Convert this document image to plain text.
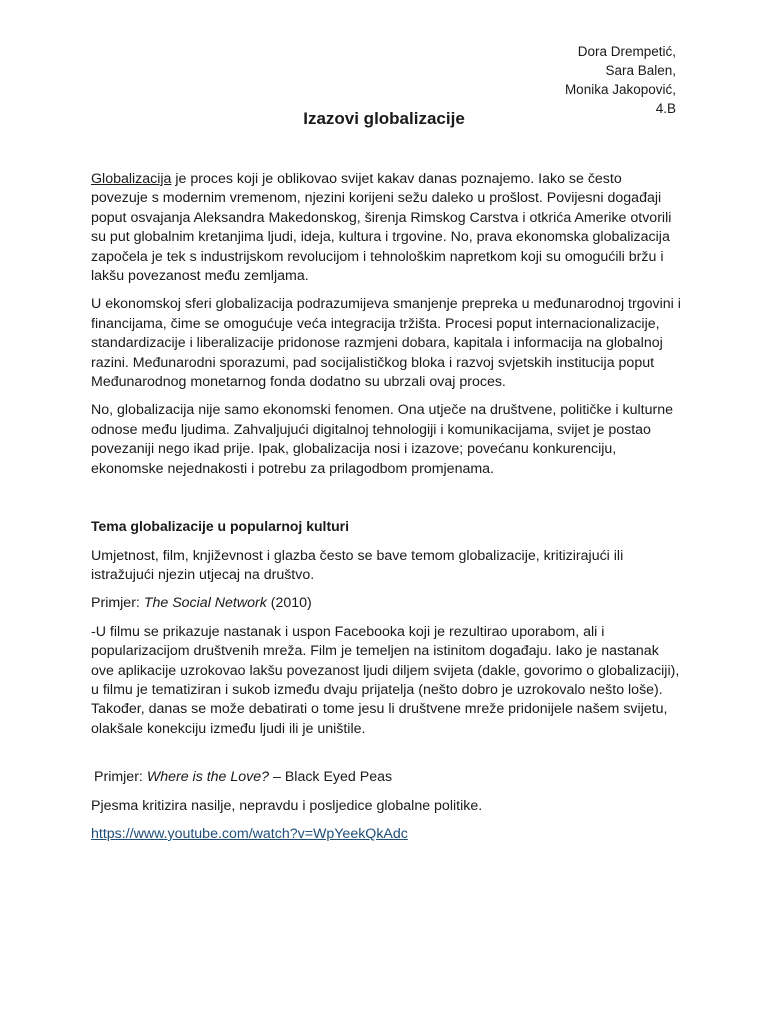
Dora Drempetić,
Sara Balen,
Monika Jakopović,
4.B
Izazovi globalizacije

Globalizacija je proces koji je oblikovao svijet kakav danas poznajemo. Iako se često povezuje s modernim vremenom, njezini korijeni sežu daleko u prošlost. Povijesni događaji poput osvajanja Aleksandra Makedonskog, širenja Rimskog Carstva i otkrića Amerike otvorili su put globalnim kretanjima ljudi, ideja, kultura i trgovine. No, prava ekonomska globalizacija započela je tek s industrijskom revolucijom i tehnološkim napretkom koji su omogućili bržu i lakšu povezanost među zemljama.

U ekonomskoj sferi globalizacija podrazumijeva smanjenje prepreka u međunarodnoj trgovini i financijama, čime se omogućuje veća integracija tržišta. Procesi poput internacionalizacije, standardizacije i liberalizacije pridonose razmjeni dobara, kapitala i informacija na globalnoj razini. Međunarodni sporazumi, pad socijalističkog bloka i razvoj svjetskih institucija poput Međunarodnog monetarnog fonda dodatno su ubrzali ovaj proces.

No, globalizacija nije samo ekonomski fenomen. Ona utječe na društvene, političke i kulturne odnose među ljudima. Zahvaljujući digitalnoj tehnologiji i komunikacijama, svijet je postao povezaniji nego ikad prije. Ipak, globalizacija nosi i izazove; povećanu konkurenciju, ekonomske nejednakosti i potrebu za prilagodbom promjenama.

Tema globalizacije u popularnoj kulturi

Umjetnost, film, književnost i glazba često se bave temom globalizacije, kritizirajući ili istražujući njezin utjecaj na društvo.

Primjer: The Social Network (2010)

-U filmu se prikazuje nastanak i uspon Facebooka koji je rezultirao uporabom, ali i popularizacijom društvenih mreža. Film je temeljen na istinitom događaju. Iako je nastanak ove aplikacije uzrokovao lakšu povezanost ljudi diljem svijeta (dakle, govorimo o globalizaciji), u filmu je tematiziran i sukob između dvaju prijatelja (nešto dobro je uzrokovalo nešto loše). Također, danas se može debatirati o tome jesu li društvene mreže pridonijele našem svijetu, olakšale konekciju između ljudi ili je uništile.

Primjer: Where is the Love? – Black Eyed Peas

Pjesma kritizira nasilje, nepravdu i posljedice globalne politike.

https://www.youtube.com/watch?v=WpYeekQkAdc
